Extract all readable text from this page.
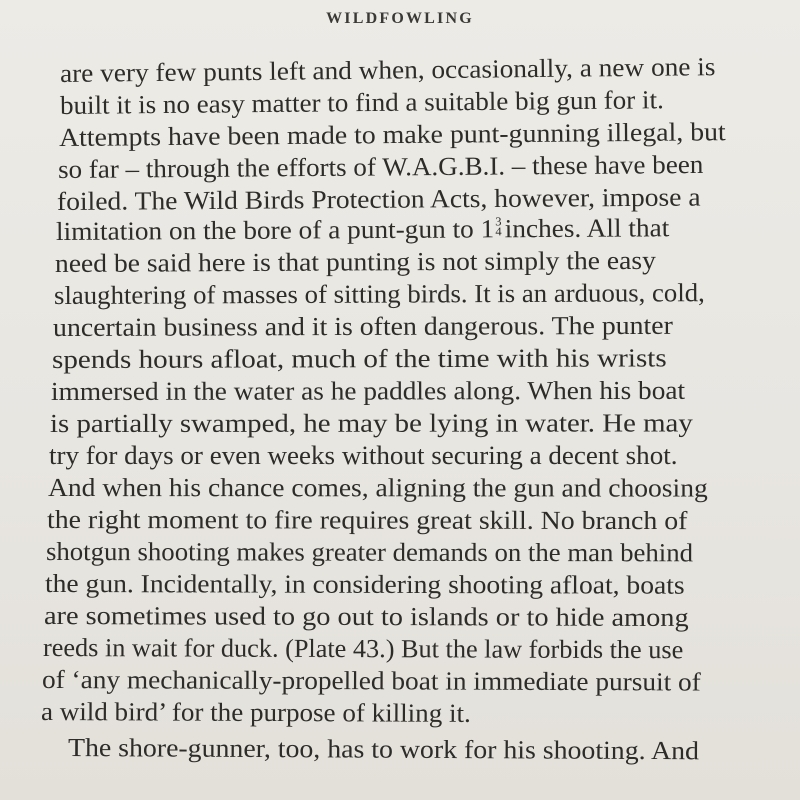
WILDFOWLING
are very few punts left and when, occasionally, a new one is
built it is no easy matter to find a suitable big gun for it.
Attempts have been made to make punt-gunning illegal, but
so far – through the efforts of W.A.G.B.I. – these have been
foiled. The Wild Birds Protection Acts, however, impose a
limitation on the bore of a punt-gun to 1 3
4 inches. All that
need be said here is that punting is not simply the easy
slaughtering of masses of sitting birds. It is an arduous, cold,
uncertain business and it is often dangerous. The punter
spends hours afloat, much of the time with his wrists
immersed in the water as he paddles along. When his boat
is partially swamped, he may be lying in water. He may
try for days or even weeks without securing a decent shot.
And when his chance comes, aligning the gun and choosing
the right moment to fire requires great skill. No branch of
shotgun shooting makes greater demands on the man behind
the gun. Incidentally, in considering shooting afloat, boats
are sometimes used to go out to islands or to hide among
reeds in wait for duck. (Plate 43.) But the law forbids the use
of ‘any mechanically-propelled boat in immediate pursuit of
a wild bird’ for the purpose of killing it.
The shore-gunner, too, has to work for his shooting. And
